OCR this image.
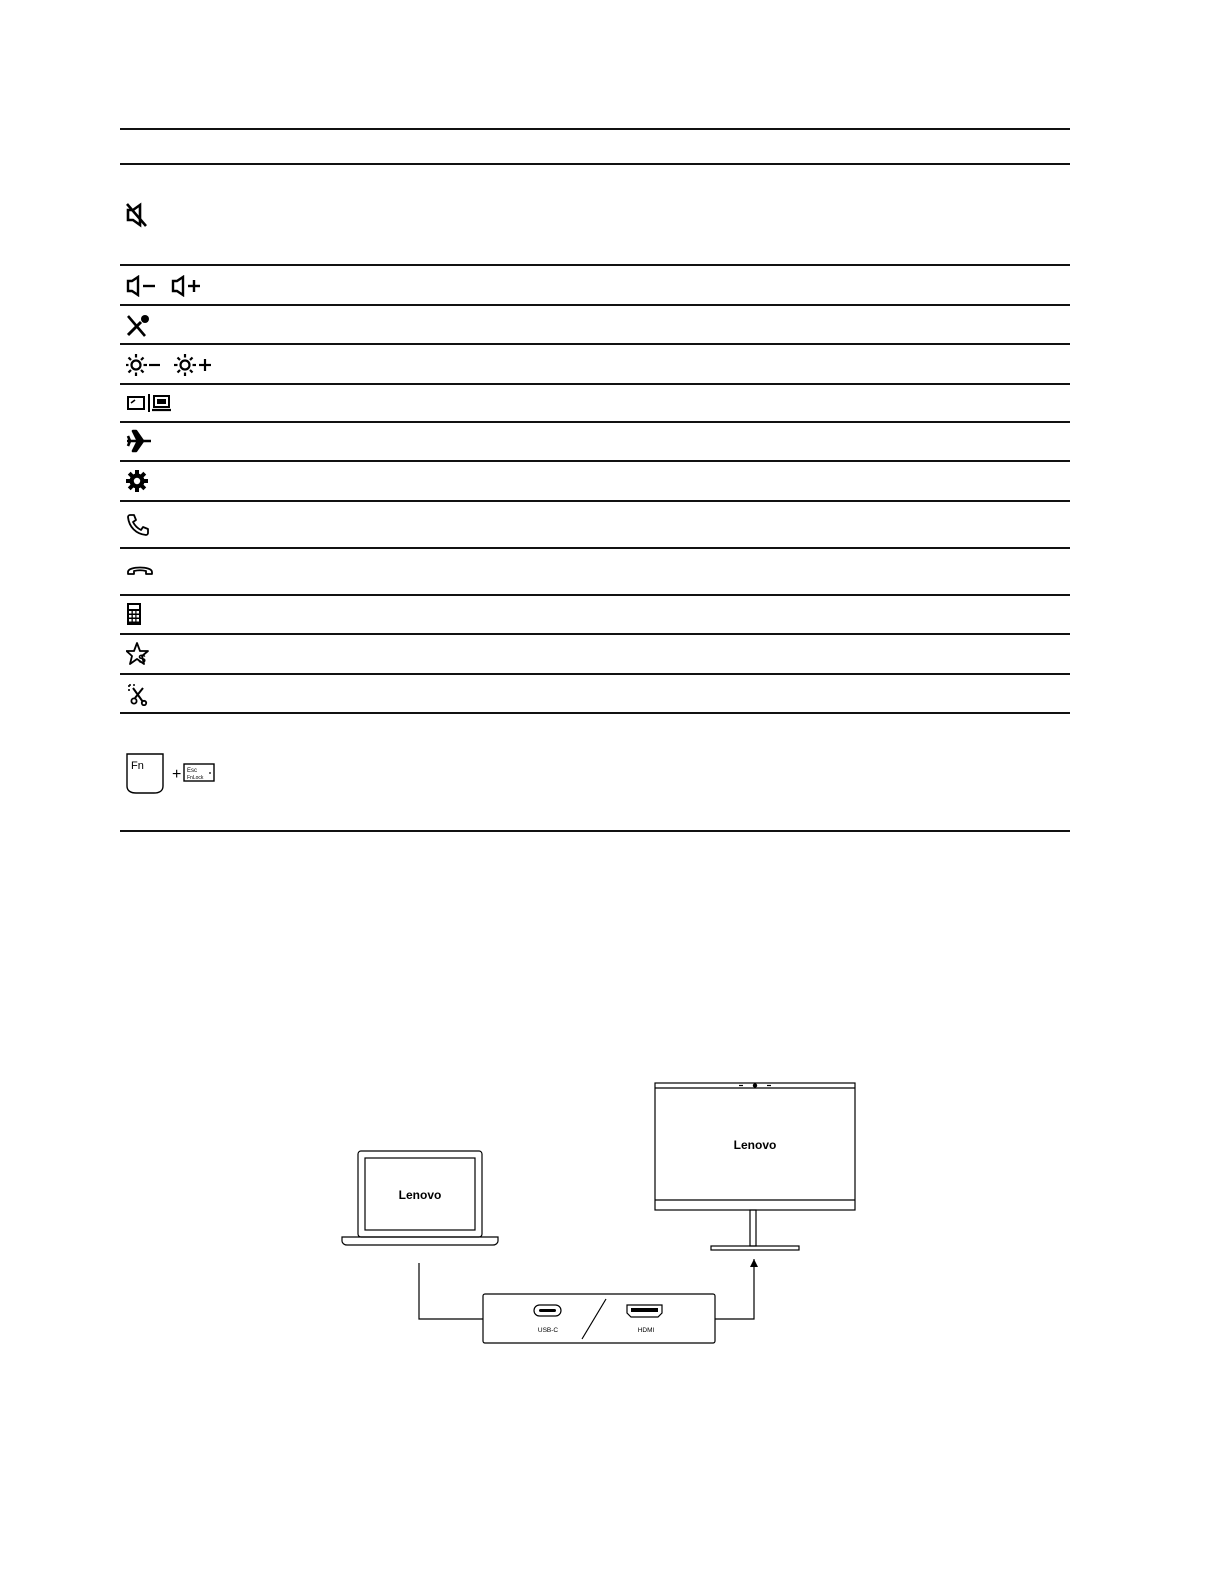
S
Fn + Esc
FnLock
Lenovo
Lenovo
USB-C	HDMI
